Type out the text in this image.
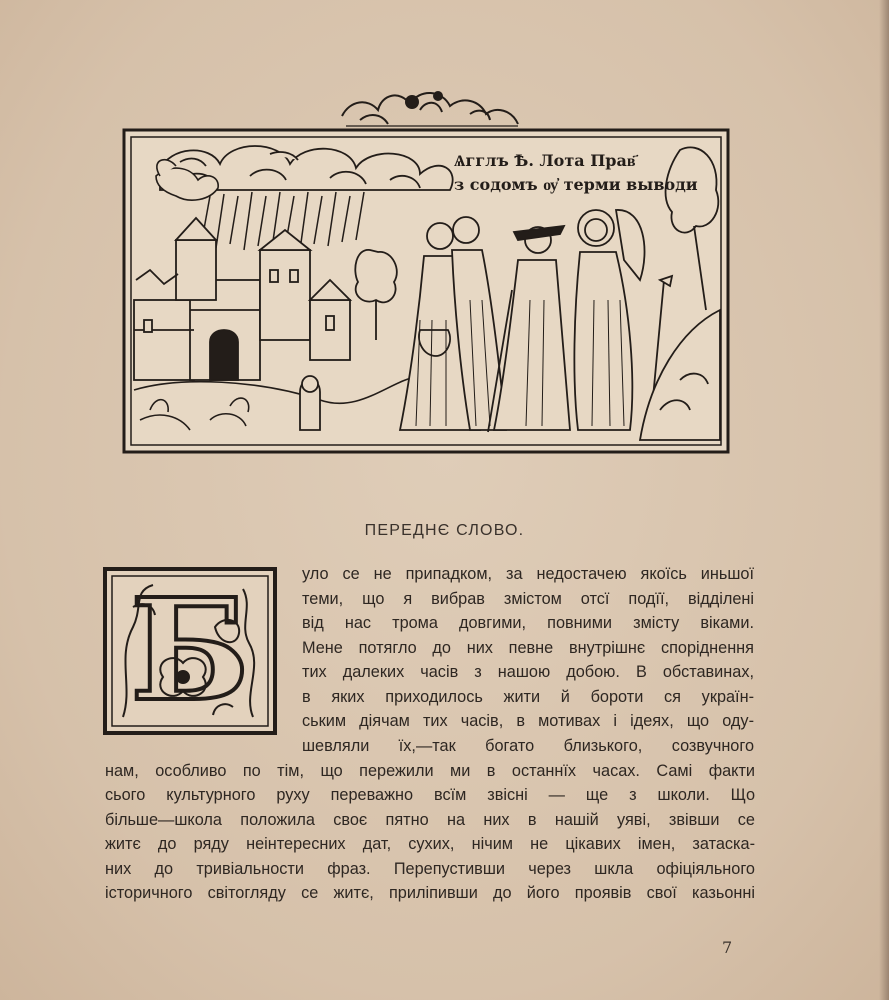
Ѧгглъ Ѣ. Лота Прав҃
з содомъ ѹ҆ терми выводи
ПЕРЕДНЄ СЛОВО.
Б	уло се не припадком, за недостачею якоїсь иньшої
теми, що я вибрав змістом отсї подїї, відділені
від нас трома довгими, повними змісту віками.
Мене потягло до них певне внутрішнє споріднення
тих далеких часів з нашою добою. В обставинах,
в яких приходилось жити й бороти ся україн-
ським діячам тих часів, в мотивах і ідеях, що оду-
шевляли їх,—так богато близького, созвучного
нам, особливо по тім, що пережили ми в останнїх часах. Самі факти
сього культурного руху переважно всїм звісні — ще з школи. Що
більше—школа положила своє пятно на них в нашій уяві, звівши се
житє до ряду неінтересних дат, сухих, нічим не цікавих імен, затаска-
них до тривіальности фраз. Перепустивши через шкла офіціяльного
історичного світогляду се житє, приліпивши до його проявів свої казьонні
7
